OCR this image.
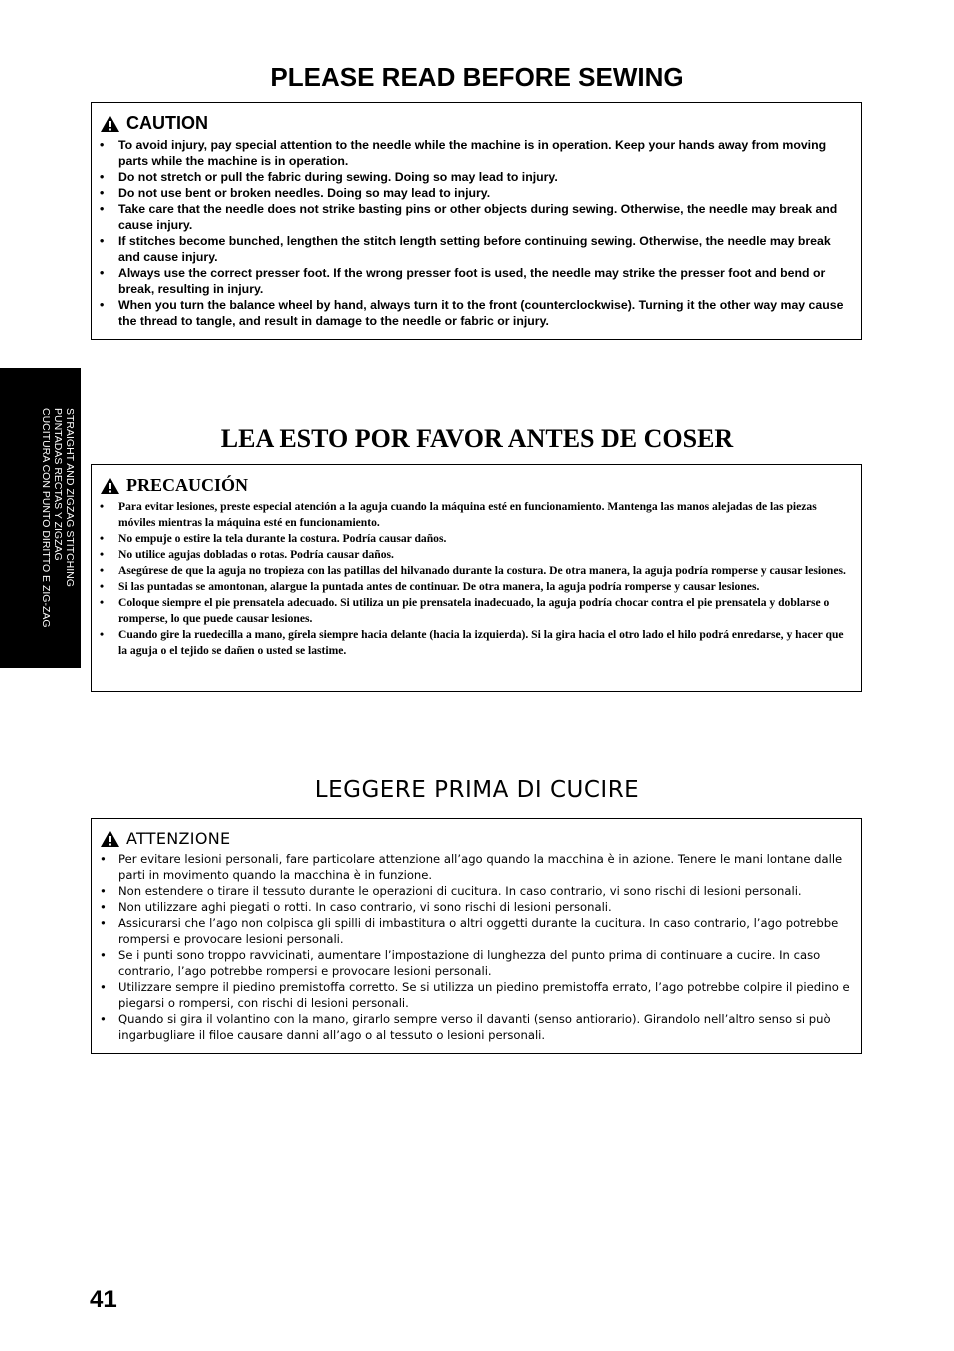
PLEASE READ BEFORE SEWING
CAUTION
• To avoid injury, pay special attention to the needle while the machine is in operation. Keep your hands away from moving parts while the machine is in operation.
• Do not stretch or pull the fabric during sewing. Doing so may lead to injury.
• Do not use bent or broken needles. Doing so may lead to injury.
• Take care that the needle does not strike basting pins or other objects during sewing. Otherwise, the needle may break and cause injury.
• If stitches become bunched, lengthen the stitch length setting before continuing sewing. Otherwise, the needle may break and cause injury.
• Always use the correct presser foot. If the wrong presser foot is used, the needle may strike the presser foot and bend or break, resulting in injury.
• When you turn the balance wheel by hand, always turn it to the front (counterclockwise). Turning it the other way may cause the thread to tangle, and result in damage to the needle or fabric or injury.
STRAIGHT AND ZIGZAG STITCHING
PUNTADAS RECTAS Y ZIGZAG
CUCITURA CON PUNTO DIRITTO E ZIG-ZAG	LEA ESTO POR FAVOR ANTES DE COSER
PRECAUCIÓN
• Para evitar lesiones, preste especial atención a la aguja cuando la máquina esté en funcionamiento. Mantenga las manos alejadas de las piezas móviles mientras la máquina esté en funcionamiento.
• No empuje o estire la tela durante la costura. Podría causar daños.
• No utilice agujas dobladas o rotas. Podría causar daños.
• Asegúrese de que la aguja no tropieza con las patillas del hilvanado durante la costura. De otra manera, la aguja podría romperse y causar lesiones.
• Si las puntadas se amontonan, alargue la puntada antes de continuar. De otra manera, la aguja podría romperse y causar lesiones.
• Coloque siempre el pie prensatela adecuado. Si utiliza un pie prensatela inadecuado, la aguja podría chocar contra el pie prensatela y doblarse o romperse, lo que puede causar lesiones.
• Cuando gire la ruedecilla a mano, gírela siempre hacia delante (hacia la izquierda). Si la gira hacia el otro lado el hilo podrá enredarse, y hacer que la aguja o el tejido se dañen o usted se lastime.
LEGGERE PRIMA DI CUCIRE
ATTENZIONE
• Per evitare lesioni personali, fare particolare attenzione all’ago quando la macchina è in azione. Tenere le mani lontane dalle parti in movimento quando la macchina è in funzione.
• Non estendere o tirare il tessuto durante le operazioni di cucitura. In caso contrario, vi sono rischi di lesioni personali.
• Non utilizzare aghi piegati o rotti. In caso contrario, vi sono rischi di lesioni personali.
• Assicurarsi che l’ago non colpisca gli spilli di imbastitura o altri oggetti durante la cucitura. In caso contrario, l’ago potrebbe rompersi e provocare lesioni personali.
• Se i punti sono troppo ravvicinati, aumentare l’impostazione di lunghezza del punto prima di continuare a cucire. In caso contrario, l’ago potrebbe rompersi e provocare lesioni personali.
• Utilizzare sempre il piedino premistoffa corretto. Se si utilizza un piedino premistoffa errato, l’ago potrebbe colpire il piedino e piegarsi o rompersi, con rischi di lesioni personali.
• Quando si gira il volantino con la mano, girarlo sempre verso il davanti (senso antiorario). Girandolo nell’altro senso si può ingarbugliare il filoe causare danni all’ago o al tessuto o lesioni personali.
41
